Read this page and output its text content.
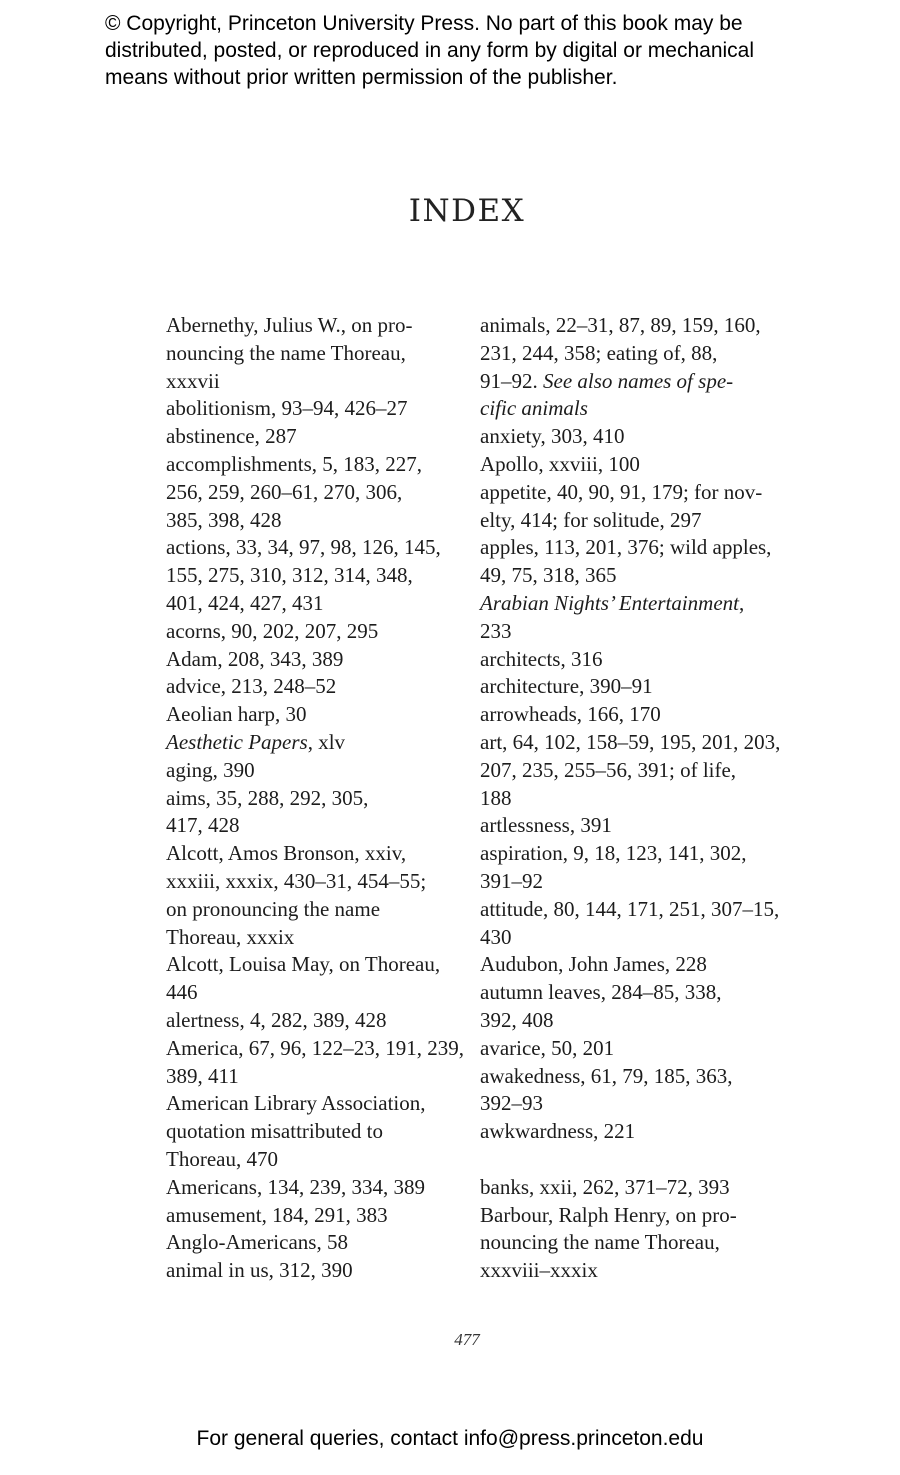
© Copyright, Princeton University Press. No part of this book may be
distributed, posted, or reproduced in any form by digital or mechanical
means without prior written permission of the publisher.
INDEX
Abernethy, Julius W., on pro-
nouncing the name Thoreau,
xxxvii
abolitionism, 93–94, 426–27
abstinence, 287
accomplishments, 5, 183, 227,
256, 259, 260–61, 270, 306,
385, 398, 428
actions, 33, 34, 97, 98, 126, 145,
155, 275, 310, 312, 314, 348,
401, 424, 427, 431
acorns, 90, 202, 207, 295
Adam, 208, 343, 389
advice, 213, 248–52
Aeolian harp, 30
Aesthetic Papers, xlv
aging, 390
aims, 35, 288, 292, 305,
417, 428
Alcott, Amos Bronson, xxiv,
xxxiii, xxxix, 430–31, 454–55;
on pronouncing the name
Thoreau, xxxix
Alcott, Louisa May, on Thoreau,
446
alertness, 4, 282, 389, 428
America, 67, 96, 122–23, 191, 239,
389, 411
American Library Association,
quotation misattributed to
Thoreau, 470
Americans, 134, 239, 334, 389
amusement, 184, 291, 383
Anglo-Americans, 58
animal in us, 312, 390
animals, 22–31, 87, 89, 159, 160,
231, 244, 358; eating of, 88,
91–92. See also names of spe-
cific animals
anxiety, 303, 410
Apollo, xxviii, 100
appetite, 40, 90, 91, 179; for nov-
elty, 414; for solitude, 297
apples, 113, 201, 376; wild apples,
49, 75, 318, 365
Arabian Nights’ Entertainment,
233
architects, 316
architecture, 390–91
arrowheads, 166, 170
art, 64, 102, 158–59, 195, 201, 203,
207, 235, 255–56, 391; of life,
188
artlessness, 391
aspiration, 9, 18, 123, 141, 302,
391–92
attitude, 80, 144, 171, 251, 307–15,
430
Audubon, John James, 228
autumn leaves, 284–85, 338,
392, 408
avarice, 50, 201
awakedness, 61, 79, 185, 363,
392–93
awkwardness, 221
banks, xxii, 262, 371–72, 393
Barbour, Ralph Henry, on pro-
nouncing the name Thoreau,
xxxviii–xxxix
477
For general queries, contact info@press.princeton.edu
